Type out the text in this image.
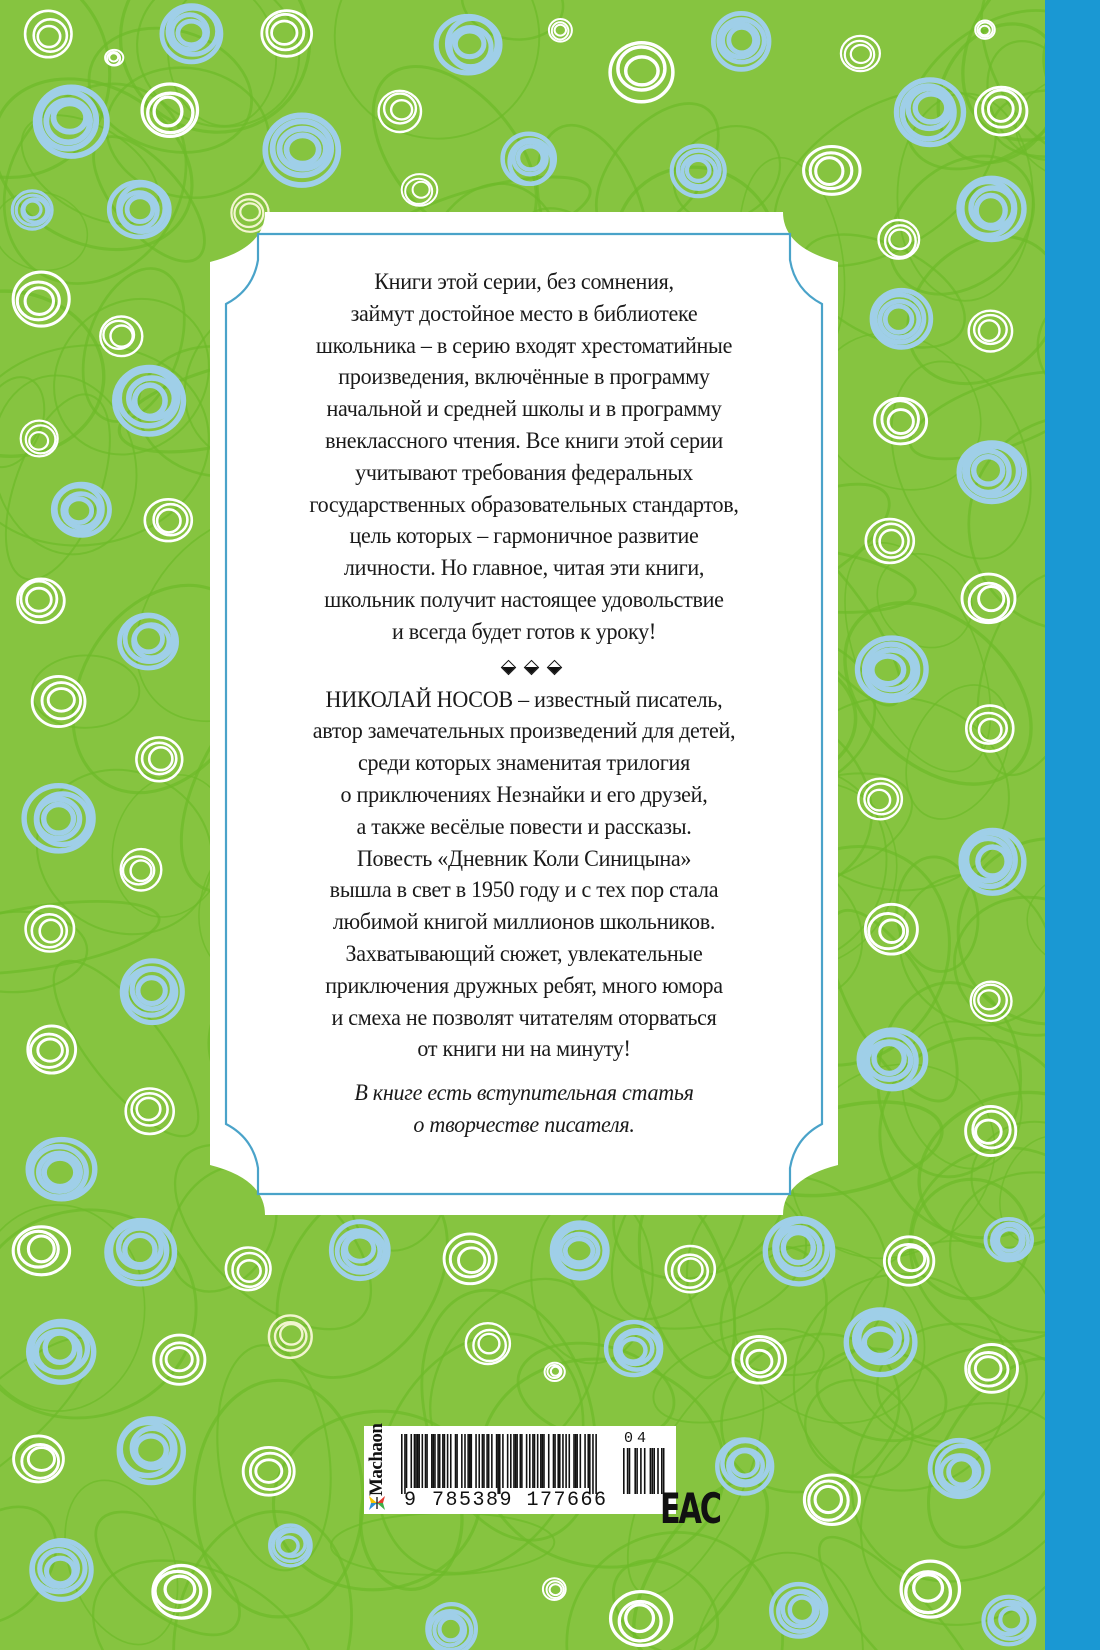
Книги этой серии, без сомнения,
займут достойное место в библиотеке
школьника – в серию входят хрестоматийные
произведения, включённые в программу
начальной и средней школы и в программу
внеклассного чтения. Все книги этой серии
учитывают требования федеральных
государственных образовательных стандартов,
цель которых – гармоничное развитие
личности. Но главное, читая эти книги,
школьник получит настоящее удовольствие
и всегда будет готов к уроку!
НИКОЛАЙ НОСОВ – известный писатель,
автор замечательных произведений для детей,
среди которых знаменитая трилогия
о приключениях Незнайки и его друзей,
а также весёлые повести и рассказы.
Повесть «Дневник Коли Синицына»
вышла в свет в 1950 году и с тех пор стала
любимой книгой миллионов школьников.
Захватывающий сюжет, увлекательные
приключения дружных ребят, много юмора
и смеха не позволят читателям оторваться
от книги ни на минуту!
В книге есть вступительная статья
о творчестве писателя.
Machaon
9 785389 177666
04
EAC
